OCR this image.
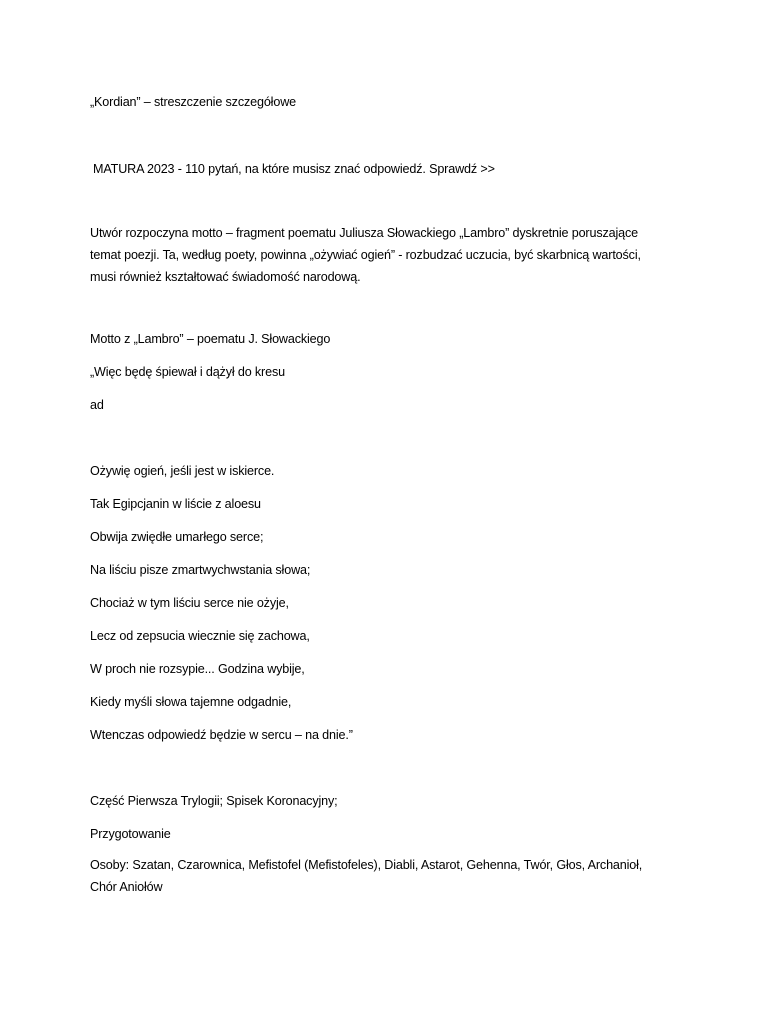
„Kordian” – streszczenie szczegółowe
MATURA 2023 - 110 pytań, na które musisz znać odpowiedź. Sprawdź >>
Utwór rozpoczyna motto – fragment poematu Juliusza Słowackiego „Lambro” dyskretnie poruszające temat poezji. Ta, według poety, powinna „ożywiać ogień” - rozbudzać uczucia, być skarbnicą wartości, musi również kształtować świadomość narodową.
Motto z „Lambro” – poematu J. Słowackiego
„Więc będę śpiewał i dążył do kresu
ad
Ożywię ogień, jeśli jest w iskierce.
Tak Egipcjanin w liście z aloesu
Obwija zwiędłe umarłego serce;
Na liściu pisze zmartwychwstania słowa;
Chociaż w tym liściu serce nie ożyje,
Lecz od zepsucia wiecznie się zachowa,
W proch nie rozsypie... Godzina wybije,
Kiedy myśli słowa tajemne odgadnie,
Wtenczas odpowiedź będzie w sercu – na dnie.”
Część Pierwsza Trylogii; Spisek Koronacyjny;
Przygotowanie
Osoby: Szatan, Czarownica, Mefistofel (Mefistofeles), Diabli, Astarot, Gehenna, Twór, Głos, Archanioł, Chór Aniołów
